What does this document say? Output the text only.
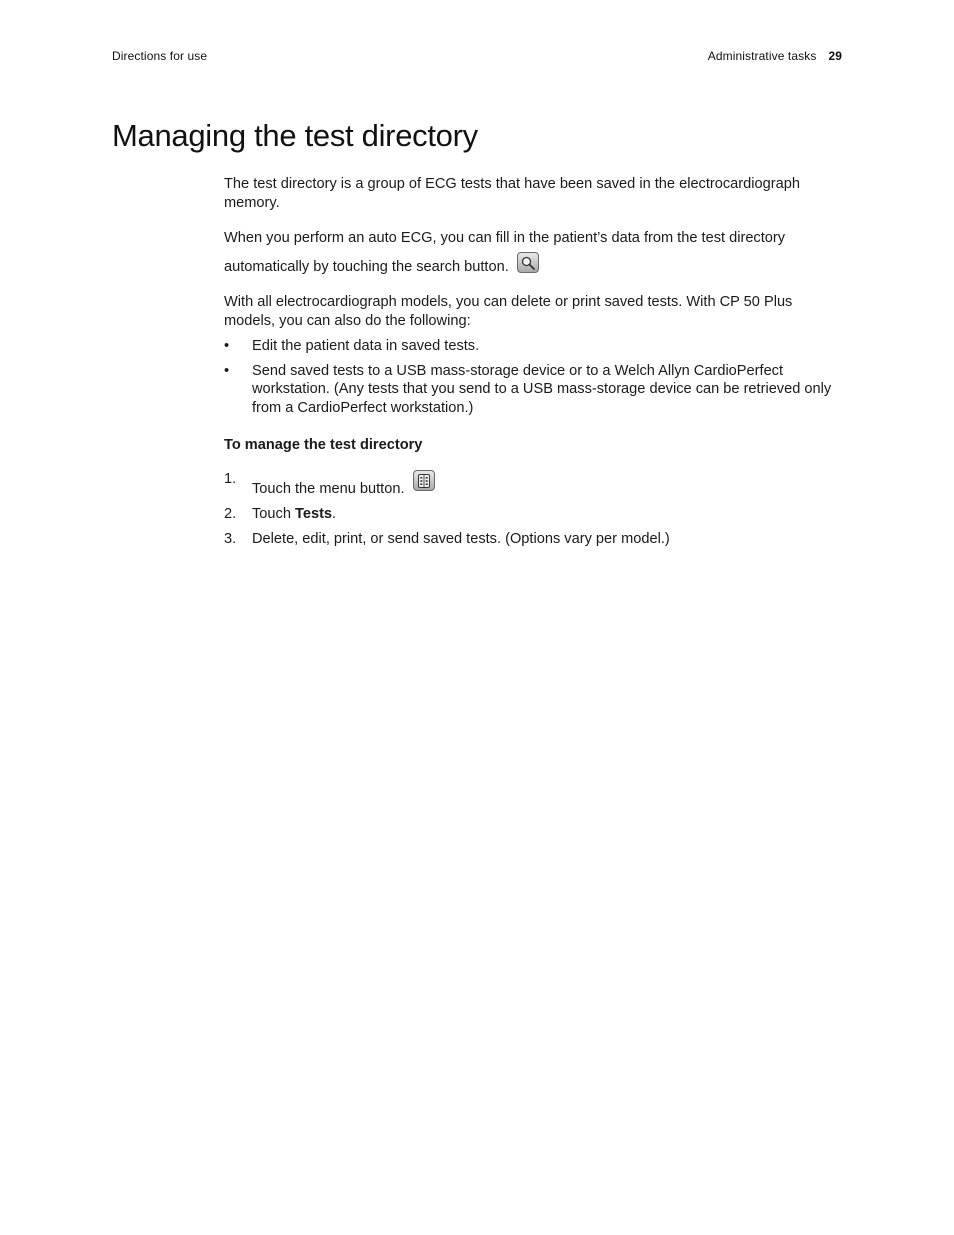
Directions for use	Administrative tasks 29
Managing the test directory

The test directory is a group of ECG tests that have been saved in the electrocardiograph memory.

When you perform an auto ECG, you can fill in the patient’s data from the test directory automatically by touching the search button.

With all electrocardiograph models, you can delete or print saved tests. With CP 50 Plus models, you can also do the following:

• Edit the patient data in saved tests.
• Send saved tests to a USB mass-storage device or to a Welch Allyn CardioPerfect workstation. (Any tests that you send to a USB mass-storage device can be retrieved only from a CardioPerfect workstation.)
To manage the test directory
1.
Touch the menu button.
2. Touch Tests.
3. Delete, edit, print, or send saved tests. (Options vary per model.)
